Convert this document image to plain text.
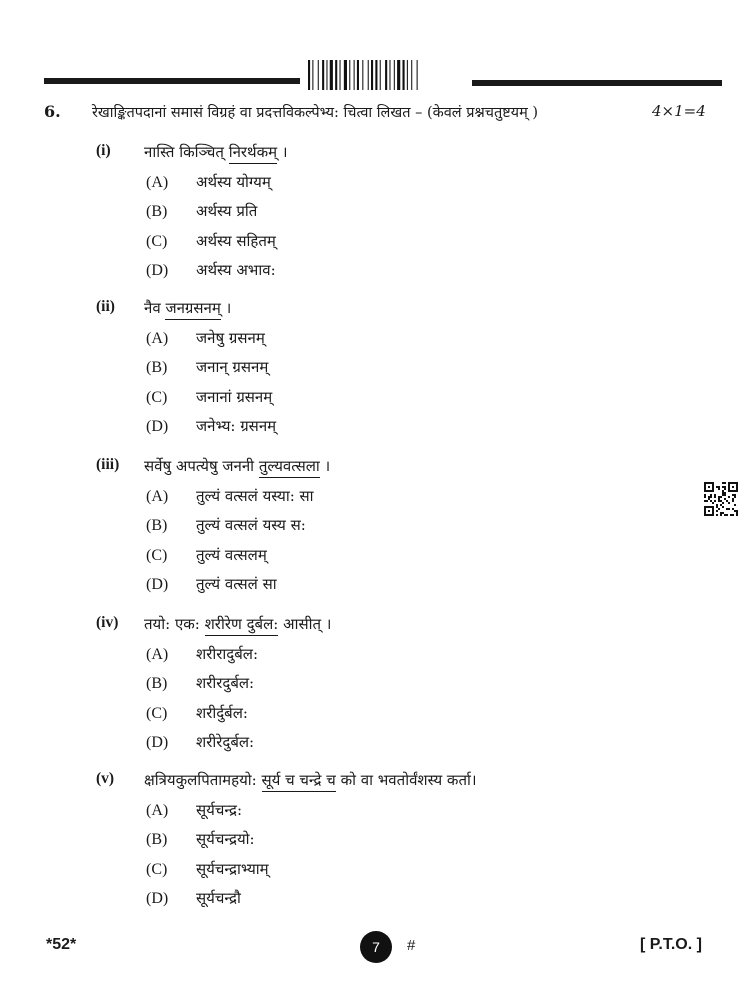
6. रेखाङ्कितपदानां समासं विग्रहं वा प्रदत्तविकल्पेभ्य: चित्वा लिखत – (केवलं प्रश्नचतुष्टयम् )	4×1=4
(i) नास्ति किञ्चित् निरर्थकम् ।
(A) अर्थस्य योग्यम्
(B) अर्थस्य प्रति
(C) अर्थस्य सहितम्
(D) अर्थस्य अभाव:
(ii) नैव जनग्रसनम् ।
(A) जनेषु ग्रसनम्
(B) जनान् ग्रसनम्
(C) जनानां ग्रसनम्
(D) जनेभ्य: ग्रसनम्
(iii) सर्वेषु अपत्येषु जननी तुल्यवत्सला ।
(A) तुल्यं वत्सलं यस्या: सा
(B) तुल्यं वत्सलं यस्य स:
(C) तुल्यं वत्सलम्
(D) तुल्यं वत्सलं सा
(iv) तयो: एक: शरीरेण दुर्बल: आसीत् ।
(A) शरीरादुर्बल:
(B) शरीरदुर्बल:
(C) शरीर्दुर्बल:
(D) शरीरेदुर्बल:
(v) क्षत्रियकुलपितामहयो: सूर्य च चन्द्रे च को वा भवतोर्वंशस्य कर्ता।
(A) सूर्यचन्द्र:
(B) सूर्यचन्द्रयो:
(C) सूर्यचन्द्राभ्याम्
(D) सूर्यचन्द्रौ
*52*	7	#	[ P.T.O. ]
